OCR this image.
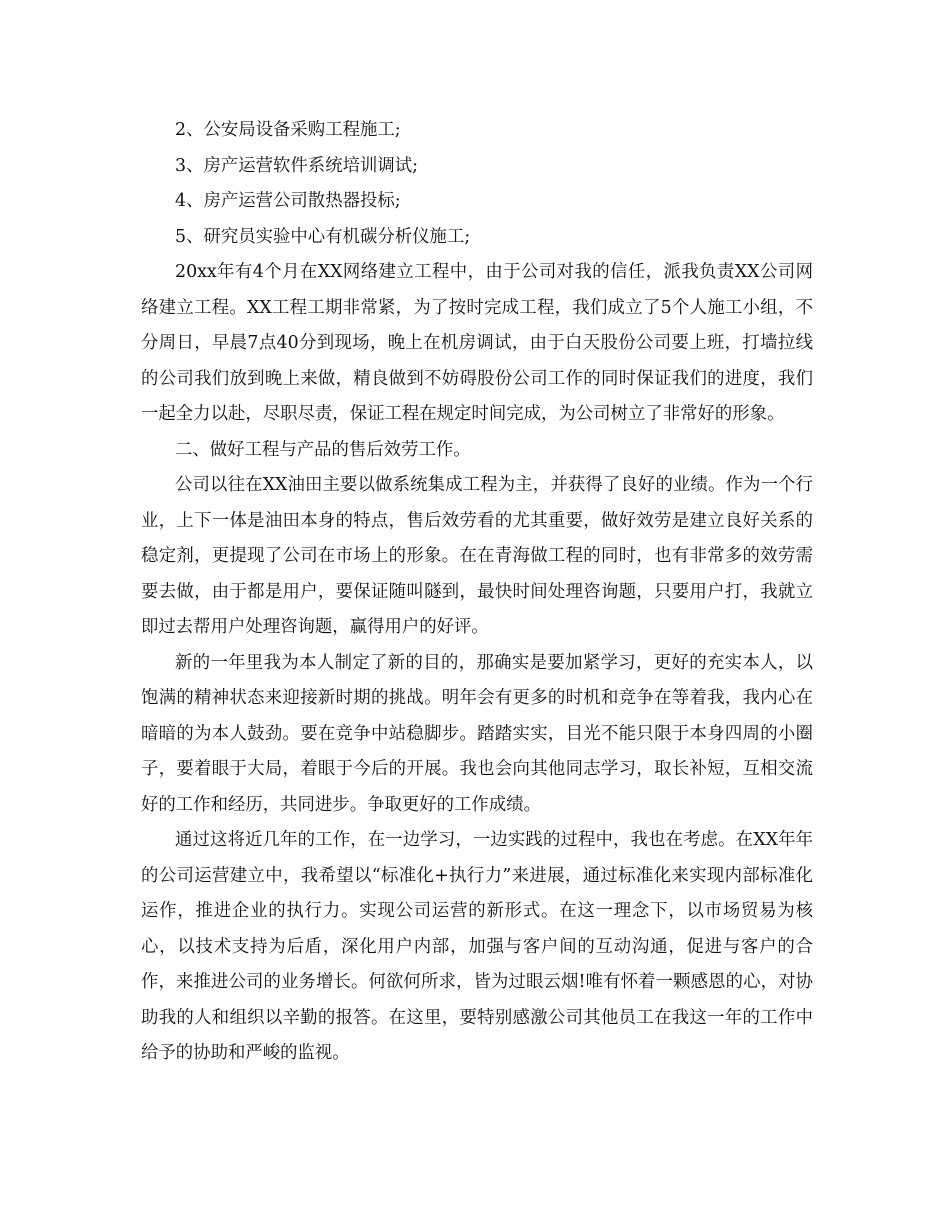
2、公安局设备采购工程施工;

3、房产运营软件系统培训调试;

4、房产运营公司散热器投标;

5、研究员实验中心有机碳分析仪施工;

20xx年有4个月在XX网络建立工程中，由于公司对我的信任，派我负责XX公司网络建立工程。XX工程工期非常紧，为了按时完成工程，我们成立了5个人施工小组，不分周日，早晨7点40分到现场，晚上在机房调试，由于白天股份公司要上班，打墙拉线的公司我们放到晚上来做，精良做到不妨碍股份公司工作的同时保证我们的进度，我们一起全力以赴，尽职尽责，保证工程在规定时间完成，为公司树立了非常好的形象。

二、做好工程与产品的售后效劳工作。

公司以往在XX油田主要以做系统集成工程为主，并获得了良好的业绩。作为一个行业，上下一体是油田本身的特点，售后效劳看的尤其重要，做好效劳是建立良好关系的稳定剂，更提现了公司在市场上的形象。在在青海做工程的同时，也有非常多的效劳需要去做，由于都是用户，要保证随叫隧到，最快时间处理咨询题，只要用户打，我就立即过去帮用户处理咨询题，赢得用户的好评。

新的一年里我为本人制定了新的目的，那确实是要加紧学习，更好的充实本人，以饱满的精神状态来迎接新时期的挑战。明年会有更多的时机和竞争在等着我，我内心在暗暗的为本人鼓劲。要在竞争中站稳脚步。踏踏实实，目光不能只限于本身四周的小圈子，要着眼于大局，着眼于今后的开展。我也会向其他同志学习，取长补短，互相交流好的工作和经历，共同进步。争取更好的工作成绩。

通过这将近几年的工作，在一边学习，一边实践的过程中，我也在考虑。在XX年年的公司运营建立中，我希望以“标准化+执行力”来进展，通过标准化来实现内部标准化运作，推进企业的执行力。实现公司运营的新形式。在这一理念下，以市场贸易为核心，以技术支持为后盾，深化用户内部，加强与客户间的互动沟通，促进与客户的合作，来推进公司的业务增长。何欲何所求，皆为过眼云烟!唯有怀着一颗感恩的心，对协助我的人和组织以辛勤的报答。在这里，要特别感激公司其他员工在我这一年的工作中给予的协助和严峻的监视。
